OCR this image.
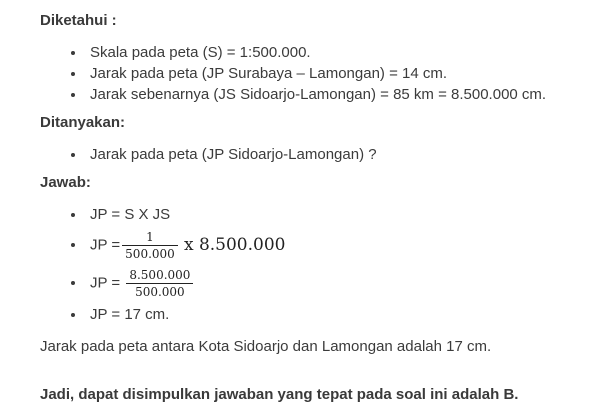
Diketahui :
• Skala pada peta (S) = 1:500.000.
• Jarak pada peta (JP Surabaya – Lamongan) = 14 cm.
• Jarak sebenarnya (JS Sidoarjo-Lamongan) = 85 km = 8.500.000 cm.
Ditanyakan:
• Jarak pada peta (JP Sidoarjo-Lamongan) ?
Jawab:
• JP = S X JS
• JP = $\frac{1}{500.000}$ x 8.500.000
• JP = $\frac{8.500.000}{500.000}$
• JP = 17 cm.

Jarak pada peta antara Kota Sidoarjo dan Lamongan adalah 17 cm.

Jadi, dapat disimpulkan jawaban yang tepat pada soal ini adalah B.
